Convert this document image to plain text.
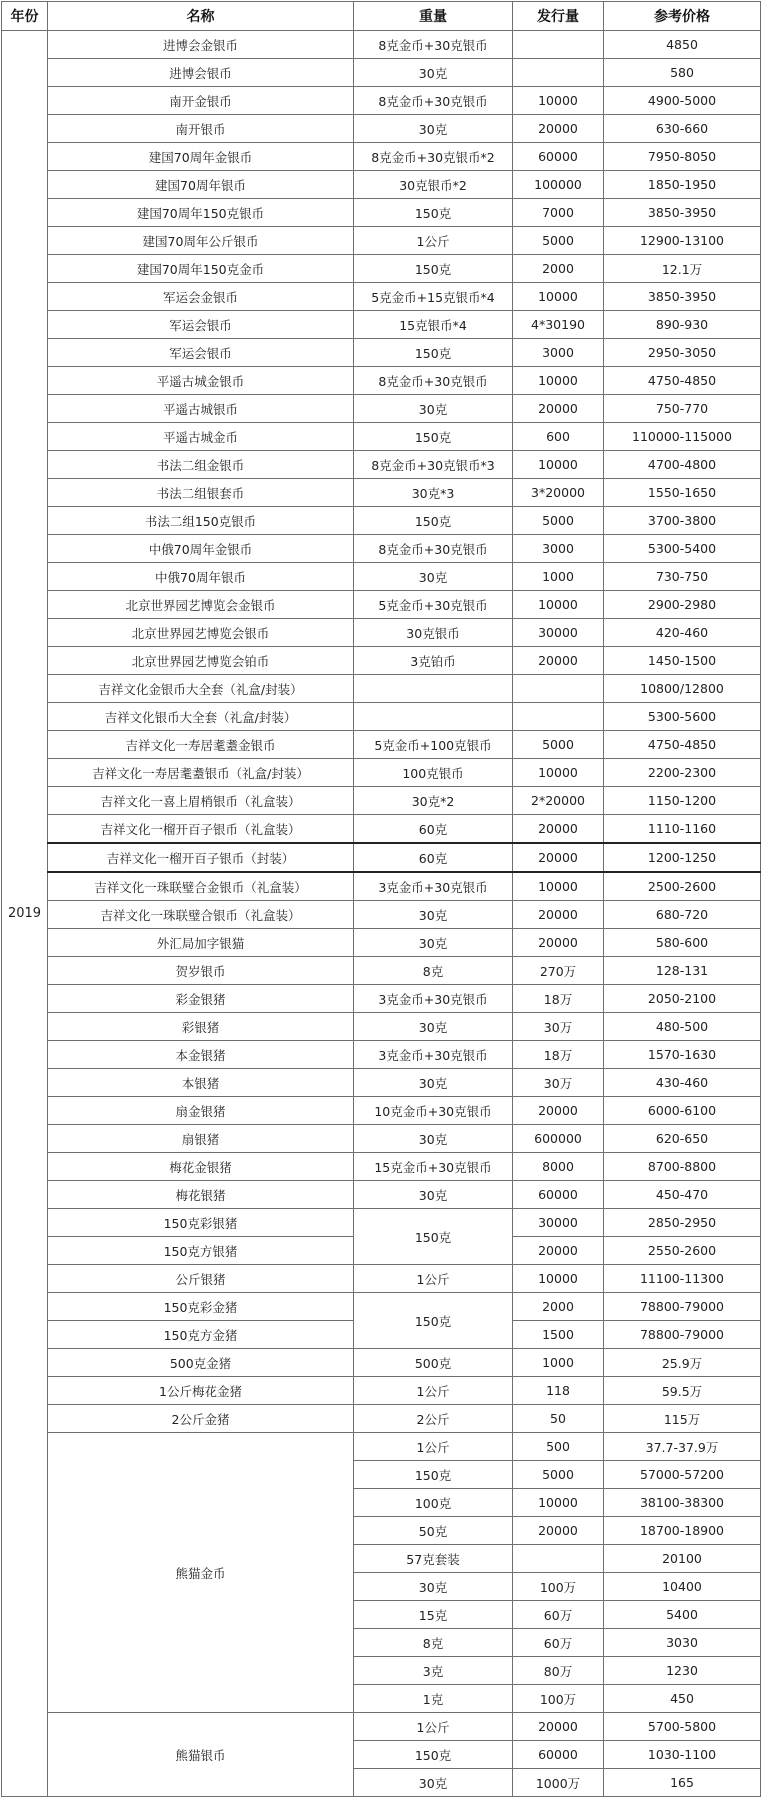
年份	名称	重量	发行量	参考价格
2019	进博会金银币	8克金币+30克银币		4850
	进博会银币	30克		580
	南开金银币	8克金币+30克银币	10000	4900-5000
	南开银币	30克	20000	630-660
	建国70周年金银币	8克金币+30克银币*2	60000	7950-8050
	建国70周年银币	30克银币*2	100000	1850-1950
	建国70周年150克银币	150克	7000	3850-3950
	建国70周年公斤银币	1公斤	5000	12900-13100
	建国70周年150克金币	150克	2000	12.1万
	军运会金银币	5克金币+15克银币*4	10000	3850-3950
	军运会银币	15克银币*4	4*30190	890-930
	军运会银币	150克	3000	2950-3050
	平遥古城金银币	8克金币+30克银币	10000	4750-4850
	平遥古城银币	30克	20000	750-770
	平遥古城金币	150克	600	110000-115000
	书法二组金银币	8克金币+30克银币*3	10000	4700-4800
	书法二组银套币	30克*3	3*20000	1550-1650
	书法二组150克银币	150克	5000	3700-3800
	中俄70周年金银币	8克金币+30克银币	3000	5300-5400
	中俄70周年银币	30克	1000	730-750
	北京世界园艺博览会金银币	5克金币+30克银币	10000	2900-2980
	北京世界园艺博览会银币	30克银币	30000	420-460
	北京世界园艺博览会铂币	3克铂币	20000	1450-1500
	吉祥文化金银币大全套（礼盒/封装）			10800/12800
	吉祥文化银币大全套（礼盒/封装）			5300-5600
	吉祥文化一寿居耄耋金银币	5克金币+100克银币	5000	4750-4850
	吉祥文化一寿居耄耋银币（礼盒/封装）	100克银币	10000	2200-2300
	吉祥文化一喜上眉梢银币（礼盒装）	30克*2	2*20000	1150-1200
	吉祥文化一榴开百子银币（礼盒装）	60克	20000	1110-1160
	吉祥文化一榴开百子银币（封装）	60克	20000	1200-1250
	吉祥文化一珠联璧合金银币（礼盒装）	3克金币+30克银币	10000	2500-2600
	吉祥文化一珠联璧合银币（礼盒装）	30克	20000	680-720
	外汇局加字银猫	30克	20000	580-600
	贺岁银币	8克	270万	128-131
	彩金银猪	3克金币+30克银币	18万	2050-2100
	彩银猪	30克	30万	480-500
	本金银猪	3克金币+30克银币	18万	1570-1630
	本银猪	30克	30万	430-460
	扇金银猪	10克金币+30克银币	20000	6000-6100
	扇银猪	30克	600000	620-650
	梅花金银猪	15克金币+30克银币	8000	8700-8800
	梅花银猪	30克	60000	450-470
	150克彩银猪	150克	30000	2850-2950
	150克方银猪		20000	2550-2600
	公斤银猪	1公斤	10000	11100-11300
	150克彩金猪	150克	2000	78800-79000
	150克方金猪		1500	78800-79000
	500克金猪	500克	1000	25.9万
	1公斤梅花金猪	1公斤	118	59.5万
	2公斤金猪	2公斤	50	115万
	熊猫金币	1公斤	500	37.7-37.9万
		150克	5000	57000-57200
		100克	10000	38100-38300
		50克	20000	18700-18900
		57克套装		20100
		30克	100万	10400
		15克	60万	5400
		8克	60万	3030
		3克	80万	1230
		1克	100万	450
	熊猫银币	1公斤	20000	5700-5800
		150克	60000	1030-1100
		30克	1000万	165
